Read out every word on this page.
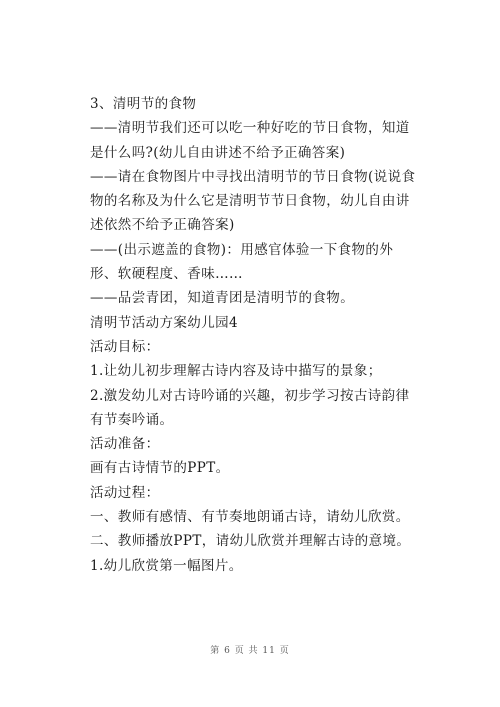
3、清明节的食物

——清明节我们还可以吃一种好吃的节日食物，知道是什么吗?(幼儿自由讲述不给予正确答案)

——请在食物图片中寻找出清明节的节日食物(说说食物的名称及为什么它是清明节节日食物，幼儿自由讲述依然不给予正确答案)

——(出示遮盖的食物)：用感官体验一下食物的外形、软硬程度、香味……

——品尝青团，知道青团是清明节的食物。

清明节活动方案幼儿园4

活动目标：

1.让幼儿初步理解古诗内容及诗中描写的景象；

2.激发幼儿对古诗吟诵的兴趣，初步学习按古诗韵律有节奏吟诵。

活动准备：

画有古诗情节的PPT。

活动过程：

一、教师有感情、有节奏地朗诵古诗，请幼儿欣赏。

二、教师播放PPT，请幼儿欣赏并理解古诗的意境。

1.幼儿欣赏第一幅图片。

第 6 页 共 11 页
